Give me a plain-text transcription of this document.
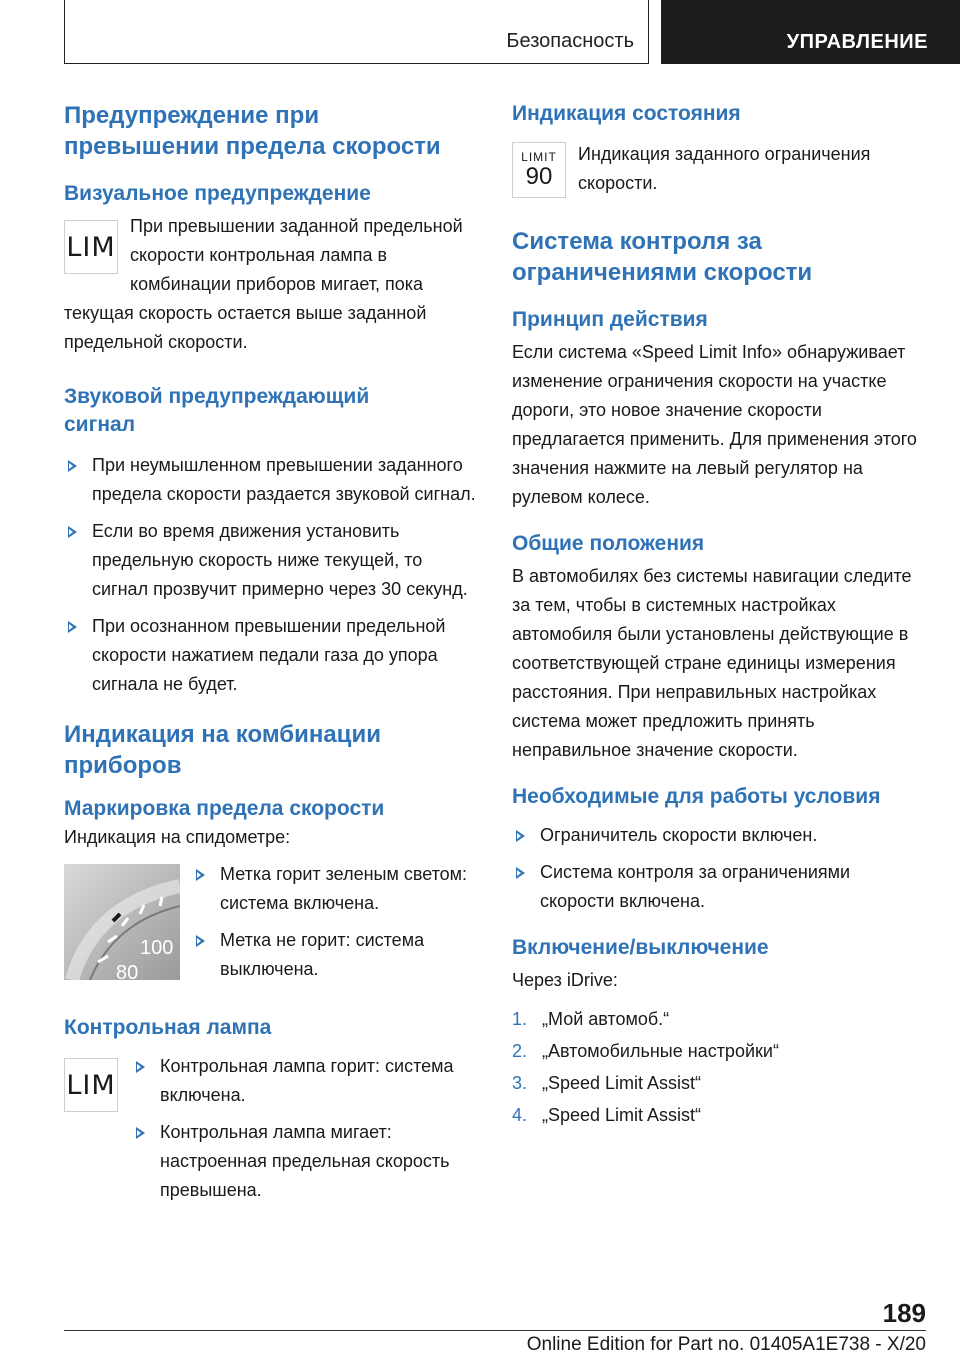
Безопасность	УПРАВЛЕНИЕ
Предупреждение при
превышении предела скорости
Визуальное предупреждение
LIM

При превышении заданной предельной скорости контрольная лампа в комбинации приборов мигает, пока текущая скорость остается выше заданной предельной скорости.

Звуковой предупреждающий
сигнал
При неумышленном превышении заданного предела скорости раздается звуковой сигнал.
Если во время движения установить предельную скорость ниже текущей, то сигнал прозвучит примерно через 30 секунд.
При осознанном превышении предельной скорости нажатием педали газа до упора сигнала не будет.
Индикация на комбинации
приборов
Маркировка предела скорости

Индикация на спидометре:

100
80
Метка горит зеленым светом: система включена.
Метка не горит: система выключена.
Контрольная лампа
LIM
Контрольная лампа горит: система включена.
Контрольная лампа мигает: настроенная предельная скорость превышена.
Индикация состояния
LIMIT
90

Индикация заданного ограничения скорости.

Система контроля за
ограничениями скорости
Принцип действия

Если система «Speed Limit Info» обнаруживает изменение ограничения скорости на участке дороги, это новое значение скорости предлагается применить. Для применения этого значения нажмите на левый регулятор на рулевом колесе.

Общие положения

В автомобилях без системы навигации следите за тем, чтобы в системных настройках автомобиля были установлены действующие в соответствующей стране единицы измерения расстояния. При неправильных настройках система может предложить принять неправильное значение скорости.

Необходимые для работы условия
Ограничитель скорости включен.
Система контроля за ограничениями скорости включена.
Включение/выключение

Через iDrive:

1. „Мой автомоб.“
2. „Автомобильные настройки“
3. „Speed Limit Assist“
4. „Speed Limit Assist“
189
Online Edition for Part no. 01405A1E738 - X/20
